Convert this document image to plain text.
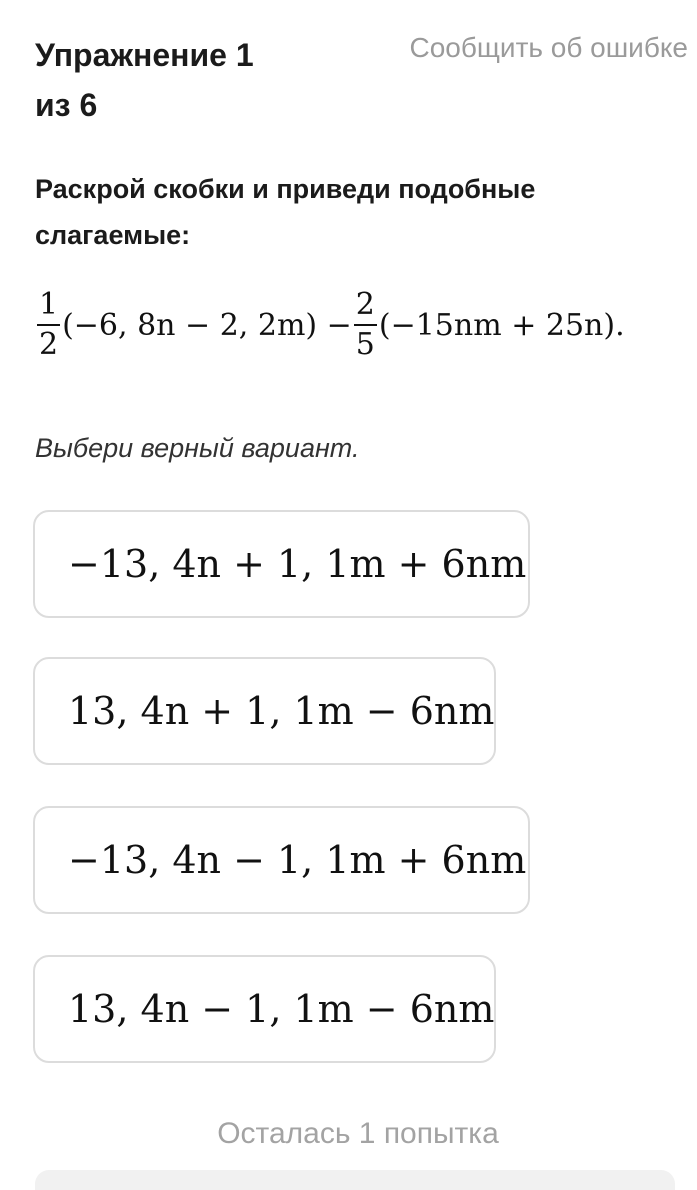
Упражнение 1
из 6
Сообщить об ошибке
Раскрой скобки и приведи подобные
слагаемые:
$\frac{1}{2} (-6$, 8n − 2, $2m) - \frac{2}{5} (-15nm + 25n)$.
Выбери верный вариант.
−13, 4n + 1, 1m + 6nm
13, 4n + 1, 1m − 6nm
−13, 4n − 1, 1m + 6nm
13, 4n − 1, 1m − 6nm
Осталась 1 попытка
